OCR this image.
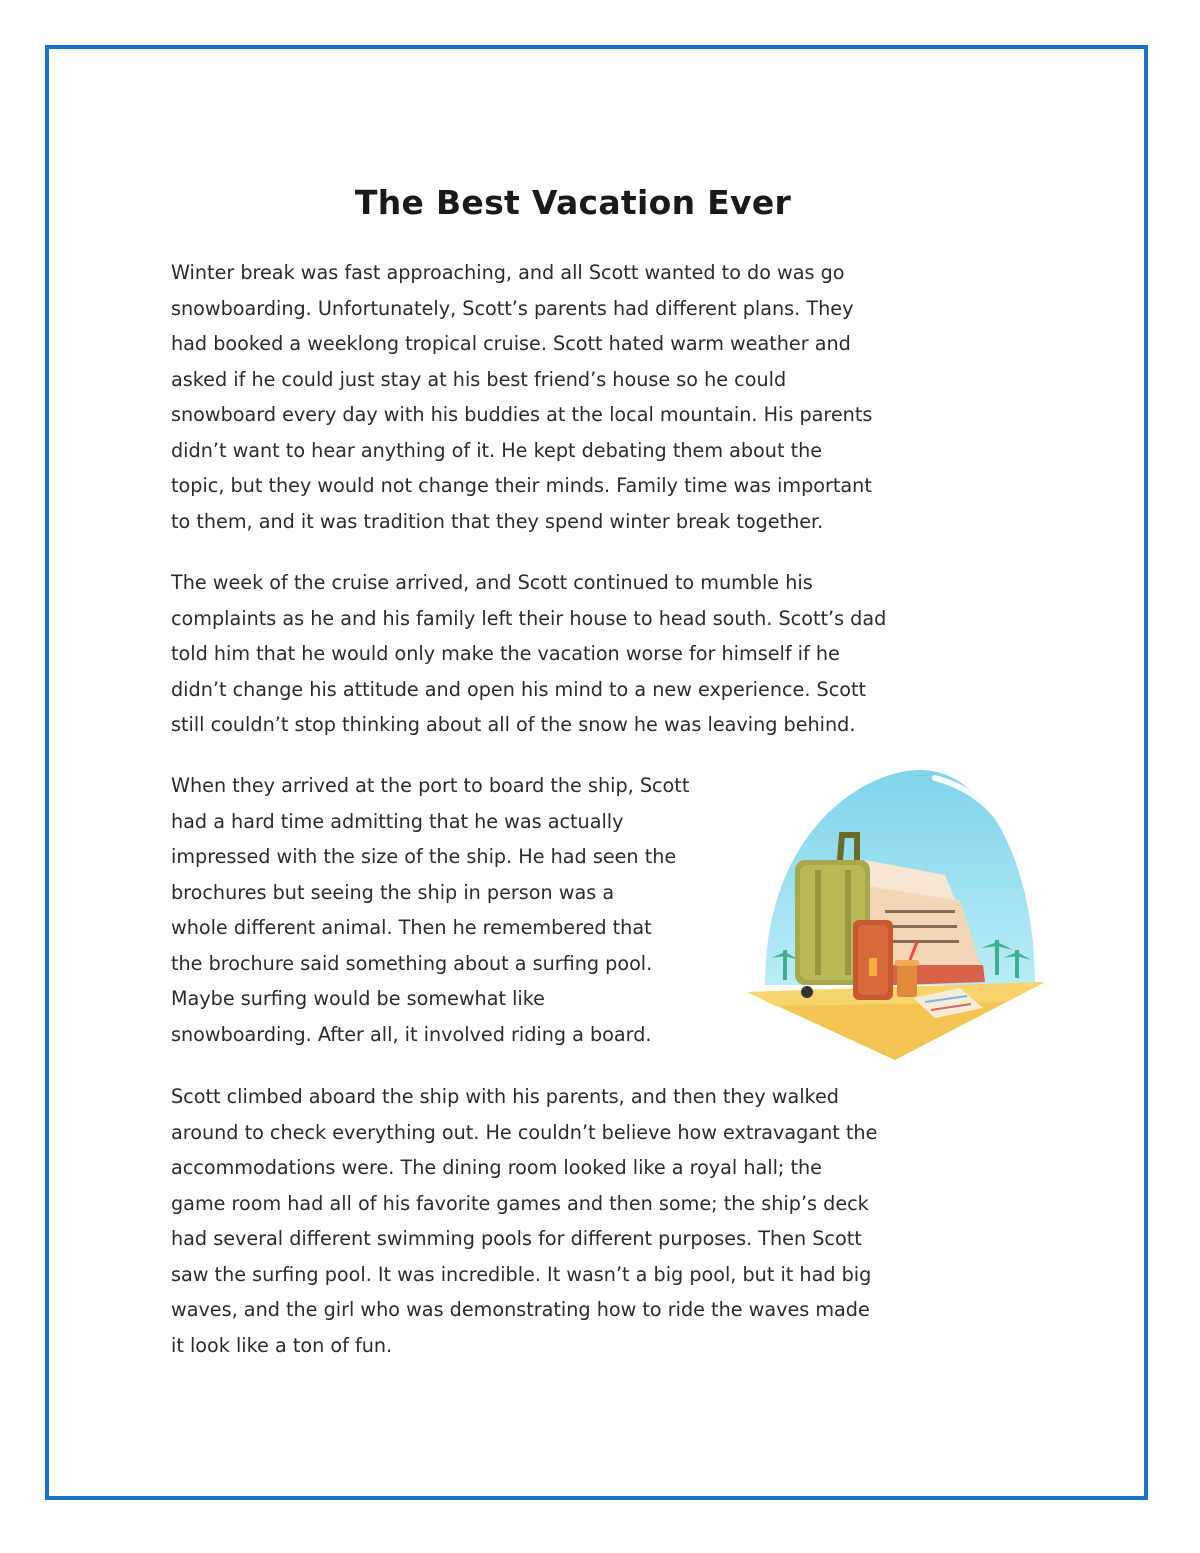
The Best Vacation Ever

Winter break was fast approaching, and all Scott wanted to do was go
snowboarding. Unfortunately, Scott’s parents had different plans. They
had booked a weeklong tropical cruise. Scott hated warm weather and
asked if he could just stay at his best friend’s house so he could
snowboard every day with his buddies at the local mountain. His parents
didn’t want to hear anything of it. He kept debating them about the
topic, but they would not change their minds. Family time was important
to them, and it was tradition that they spend winter break together.

The week of the cruise arrived, and Scott continued to mumble his
complaints as he and his family left their house to head south. Scott’s dad
told him that he would only make the vacation worse for himself if he
didn’t change his attitude and open his mind to a new experience. Scott
still couldn’t stop thinking about all of the snow he was leaving behind.

When they arrived at the port to board the ship, Scott
had a hard time admitting that he was actually
impressed with the size of the ship. He had seen the
brochures but seeing the ship in person was a
whole different animal. Then he remembered that
the brochure said something about a surfing pool.
Maybe surfing would be somewhat like
snowboarding. After all, it involved riding a board.

Scott climbed aboard the ship with his parents, and then they walked
around to check everything out. He couldn’t believe how extravagant the
accommodations were. The dining room looked like a royal hall; the
game room had all of his favorite games and then some; the ship’s deck
had several different swimming pools for different purposes. Then Scott
saw the surfing pool. It was incredible. It wasn’t a big pool, but it had big
waves, and the girl who was demonstrating how to ride the waves made
it look like a ton of fun.
